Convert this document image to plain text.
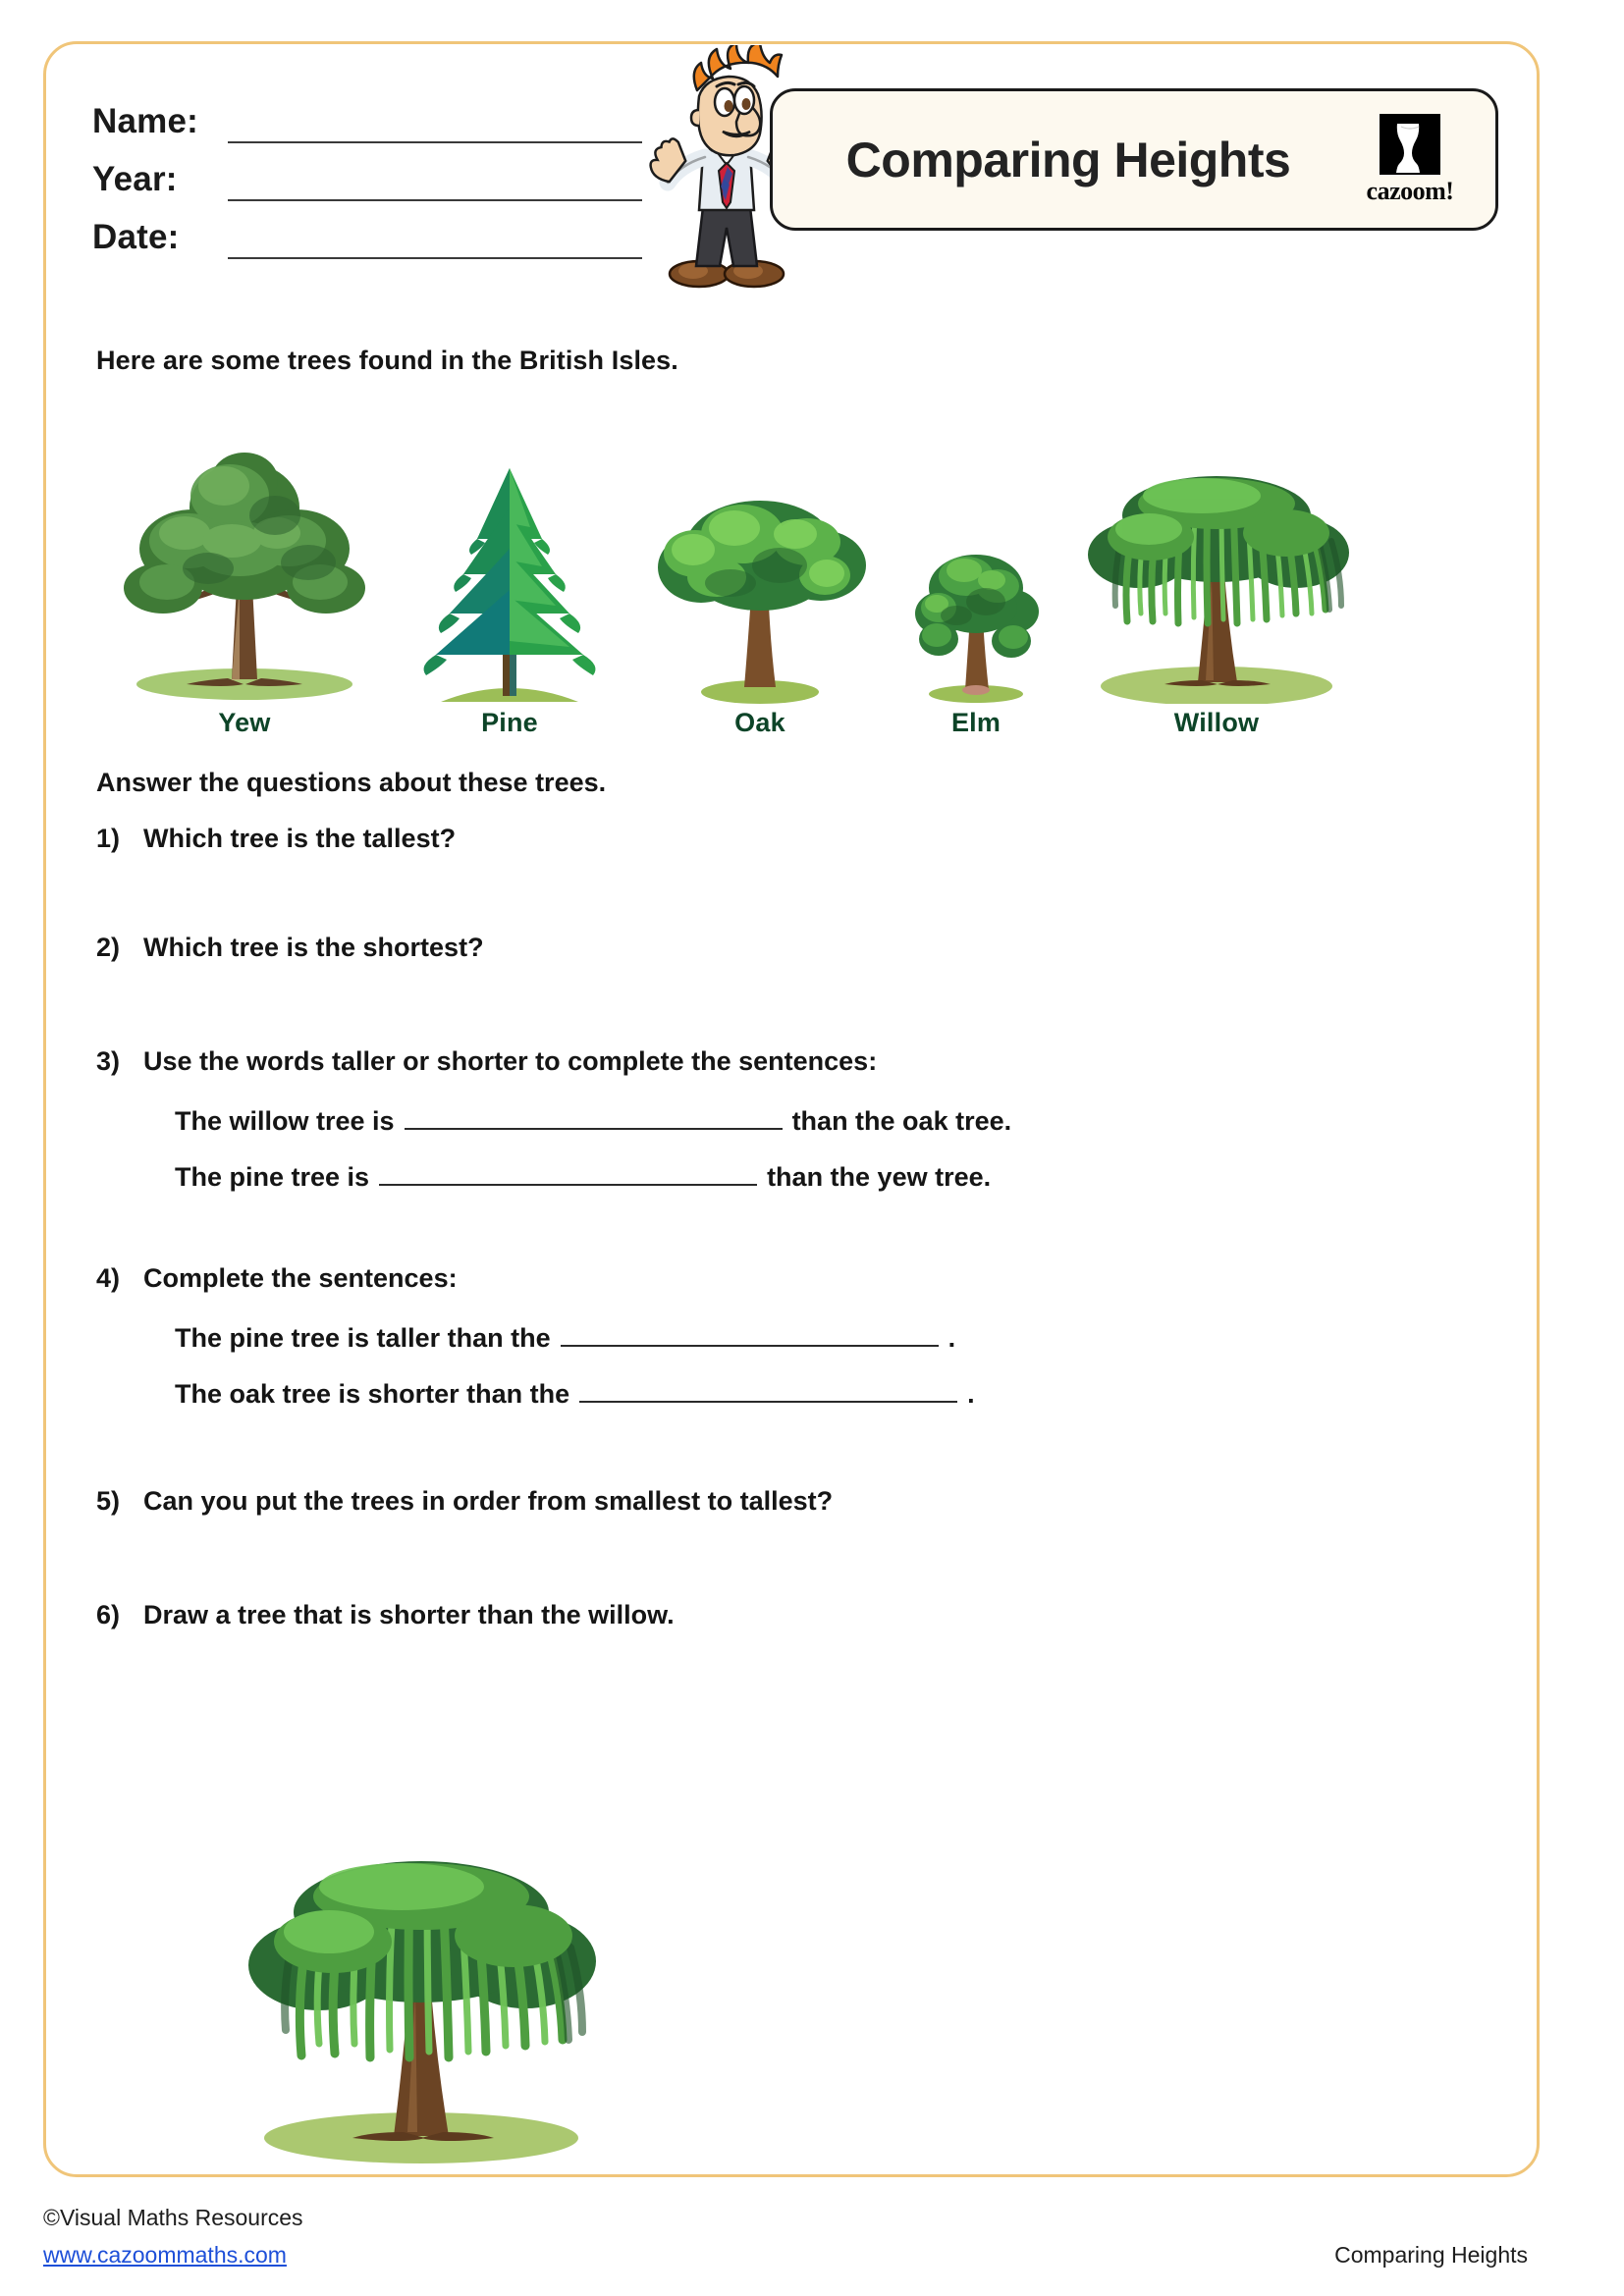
Name:
Year:
Date:
Comparing Heights
cazoom!
Here are some trees found in the British Isles.
Yew	Pine	Oak	Elm	Willow
Answer the questions about these trees.
1) Which tree is the tallest?
2) Which tree is the shortest?
3) Use the words taller or shorter to complete the sentences:
The willow tree is	than the oak tree.
The pine tree is	than the yew tree.
4) Complete the sentences:
The pine tree is taller than the	.
The oak tree is shorter than the	.
5) Can you put the trees in order from smallest to tallest?
6) Draw a tree that is shorter than the willow.
©Visual Maths Resources
www.cazoommaths.com	Comparing Heights
